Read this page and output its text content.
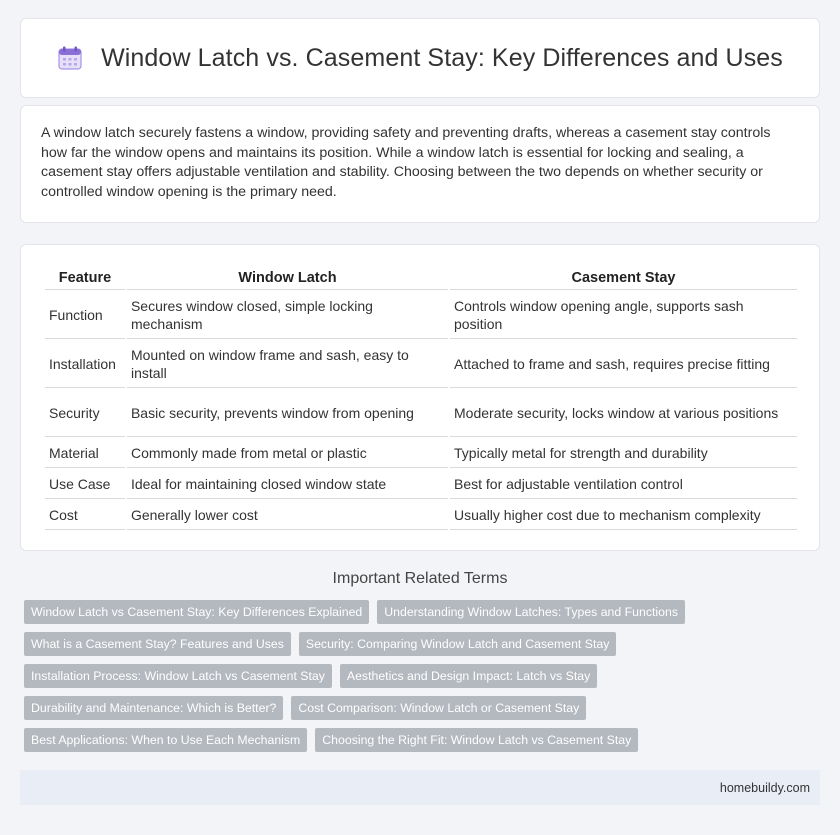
Window Latch vs. Casement Stay: Key Differences and Uses

A window latch securely fastens a window, providing safety and preventing drafts, whereas a casement stay controls how far the window opens and maintains its position. While a window latch is essential for locking and sealing, a casement stay offers adjustable ventilation and stability. Choosing between the two depends on whether security or controlled window opening is the primary need.

Feature	Window Latch	Casement Stay
Function	Secures window closed, simple locking mechanism	Controls window opening angle, supports sash position
Installation	Mounted on window frame and sash, easy to install	Attached to frame and sash, requires precise fitting
Security	Basic security, prevents window from opening	Moderate security, locks window at various positions
Material	Commonly made from metal or plastic	Typically metal for strength and durability
Use Case	Ideal for maintaining closed window state	Best for adjustable ventilation control
Cost	Generally lower cost	Usually higher cost due to mechanism complexity
Important Related Terms
Window Latch vs Casement Stay: Key Differences Explained	Understanding Window Latches: Types and Functions
What is a Casement Stay? Features and Uses	Security: Comparing Window Latch and Casement Stay
Installation Process: Window Latch vs Casement Stay	Aesthetics and Design Impact: Latch vs Stay
Durability and Maintenance: Which is Better?	Cost Comparison: Window Latch or Casement Stay
Best Applications: When to Use Each Mechanism	Choosing the Right Fit: Window Latch vs Casement Stay
homebuildy.com
